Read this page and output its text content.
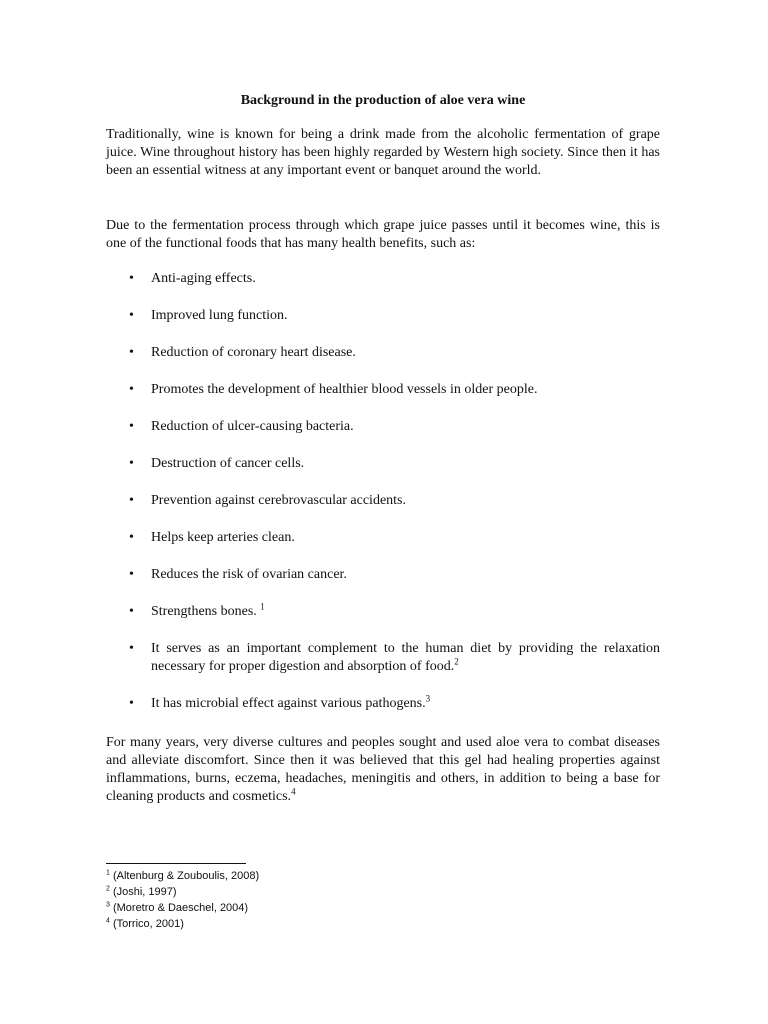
Background in the production of aloe vera wine

Traditionally, wine is known for being a drink made from the alcoholic fermentation of grape juice. Wine throughout history has been highly regarded by Western high society. Since then it has been an essential witness at any important event or banquet around the world.

Due to the fermentation process through which grape juice passes until it becomes wine, this is one of the functional foods that has many health benefits, such as:

• Anti-aging effects.
• Improved lung function.
• Reduction of coronary heart disease.
• Promotes the development of healthier blood vessels in older people.
• Reduction of ulcer-causing bacteria.
• Destruction of cancer cells.
• Prevention against cerebrovascular accidents.
• Helps keep arteries clean.
• Reduces the risk of ovarian cancer.
• Strengthens bones. $^1$
• It serves as an important complement to the human diet by providing the relaxation necessary for proper digestion and absorption of food.$^2$
• It has microbial effect against various pathogens.$^3$

For many years, very diverse cultures and peoples sought and used aloe vera to combat diseases and alleviate discomfort. Since then it was believed that this gel had healing properties against inflammations, burns, eczema, headaches, meningitis and others, in addition to being a base for cleaning products and cosmetics.$^4$

$^1$ (Altenburg & Zouboulis, 2008)
$^2$ (Joshi, 1997)
$^3$ (Moretro & Daeschel, 2004)
$^4$ (Torrico, 2001)
